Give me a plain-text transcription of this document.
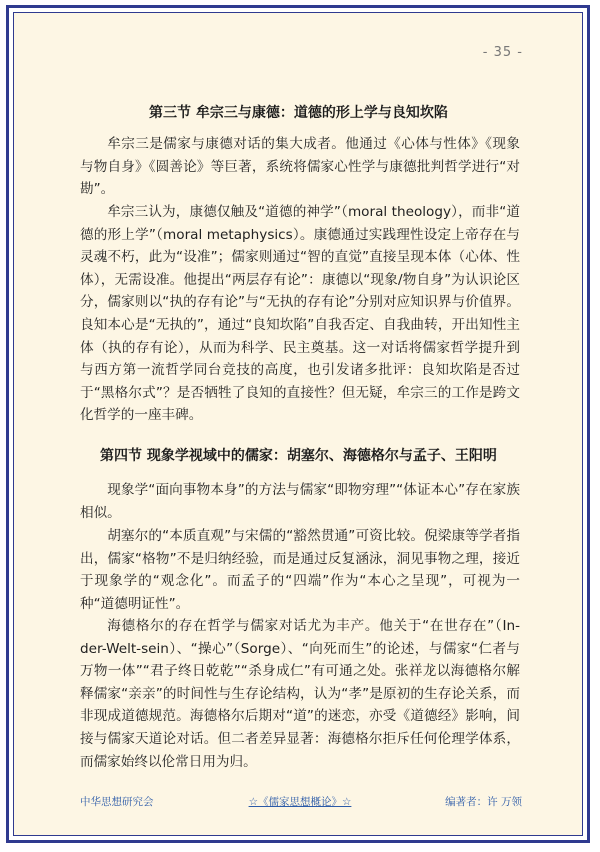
- 35 -
第三节 牟宗三与康德：道德的形上学与良知坎陷

牟宗三是儒家与康德对话的集大成者。他通过《心体与性体》《现象与物自身》《圆善论》等巨著，系统将儒家心性学与康德批判哲学进行“对勘”。

牟宗三认为，康德仅触及“道德的神学”（moral theology），而非“道德的形上学”（moral metaphysics）。康德通过实践理性设定上帝存在与灵魂不朽，此为“设准”；儒家则通过“智的直觉”直接呈现本体（心体、性体），无需设准。他提出“两层存有论”：康德以“现象/物自身”为认识论区分，儒家则以“执的存有论”与“无执的存有论”分别对应知识界与价值界。良知本心是“无执的”，通过“良知坎陷”自我否定、自我曲转，开出知性主体（执的存有论），从而为科学、民主奠基。这一对话将儒家哲学提升到与西方第一流哲学同台竞技的高度，也引发诸多批评：良知坎陷是否过于“黑格尔式”？是否牺牲了良知的直接性？但无疑，牟宗三的工作是跨文化哲学的一座丰碑。

第四节 现象学视域中的儒家：胡塞尔、海德格尔与孟子、王阳明

现象学“面向事物本身”的方法与儒家“即物穷理”“体证本心”存在家族相似。

胡塞尔的“本质直观”与宋儒的“豁然贯通”可资比较。倪梁康等学者指出，儒家“格物”不是归纳经验，而是通过反复涵泳，洞见事物之理，接近于现象学的“观念化”。而孟子的“四端”作为“本心之呈现”，可视为一种“道德明证性”。

海德格尔的存在哲学与儒家对话尤为丰产。他关于“在世存在”（In-der-Welt-sein）、“操心”（Sorge）、“向死而生”的论述，与儒家“仁者与万物一体”“君子终日乾乾”“杀身成仁”有可通之处。张祥龙以海德格尔解释儒家“亲亲”的时间性与生存论结构，认为“孝”是原初的生存论关系，而非现成道德规范。海德格尔后期对“道”的迷恋，亦受《道德经》影响，间接与儒家天道论对话。但二者差异显著：海德格尔拒斥任何伦理学体系，而儒家始终以伦常日用为归。

中华思想研究会	☆《儒家思想概论》☆	编著者：许 万领
